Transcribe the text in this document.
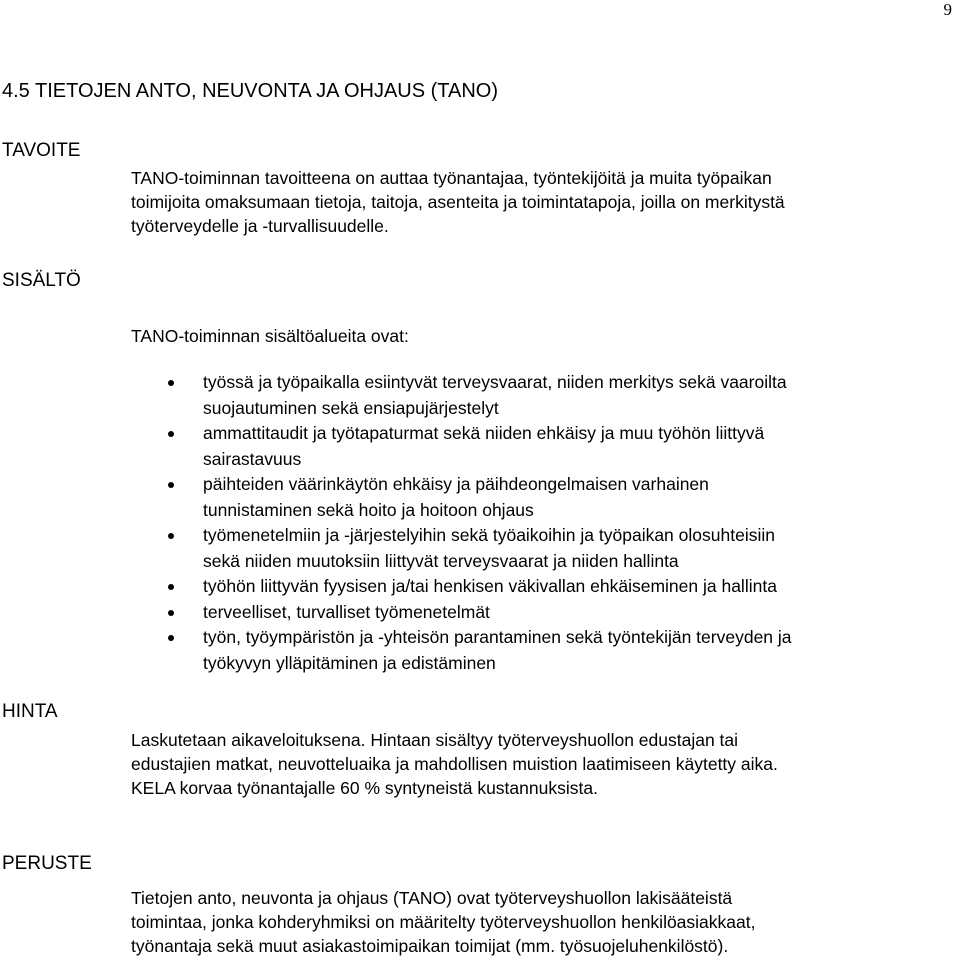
9
4.5 TIETOJEN ANTO, NEUVONTA JA OHJAUS (TANO)
TAVOITE

TANO-toiminnan tavoitteena on auttaa työnantajaa, työntekijöitä ja muita työpaikan
toimijoita omaksumaan tietoja, taitoja, asenteita ja toimintatapoja, joilla on merkitystä
työterveydelle ja -turvallisuudelle.

SISÄLTÖ

TANO-toiminnan sisältöalueita ovat:

työssä ja työpaikalla esiintyvät terveysvaarat, niiden merkitys sekä vaaroilta
suojautuminen sekä ensiapujärjestelyt
ammattitaudit ja työtapaturmat sekä niiden ehkäisy ja muu työhön liittyvä
sairastavuus
päihteiden väärinkäytön ehkäisy ja päihdeongelmaisen varhainen
tunnistaminen sekä hoito ja hoitoon ohjaus
työmenetelmiin ja -järjestelyihin sekä työaikoihin ja työpaikan olosuhteisiin
sekä niiden muutoksiin liittyvät terveysvaarat ja niiden hallinta
työhön liittyvän fyysisen ja/tai henkisen väkivallan ehkäiseminen ja hallinta
terveelliset, turvalliset työmenetelmät
työn, työympäristön ja -yhteisön parantaminen sekä työntekijän terveyden ja
työkyvyn ylläpitäminen ja edistäminen
HINTA

Laskutetaan aikaveloituksena. Hintaan sisältyy työterveyshuollon edustajan tai
edustajien matkat, neuvotteluaika ja mahdollisen muistion laatimiseen käytetty aika.
KELA korvaa työnantajalle 60 % syntyneistä kustannuksista.

PERUSTE

Tietojen anto, neuvonta ja ohjaus (TANO) ovat työterveyshuollon lakisääteistä
toimintaa, jonka kohderyhmiksi on määritelty työterveyshuollon henkilöasiakkaat,
työnantaja sekä muut asiakastoimipaikan toimijat (mm. työsuojeluhenkilöstö).
